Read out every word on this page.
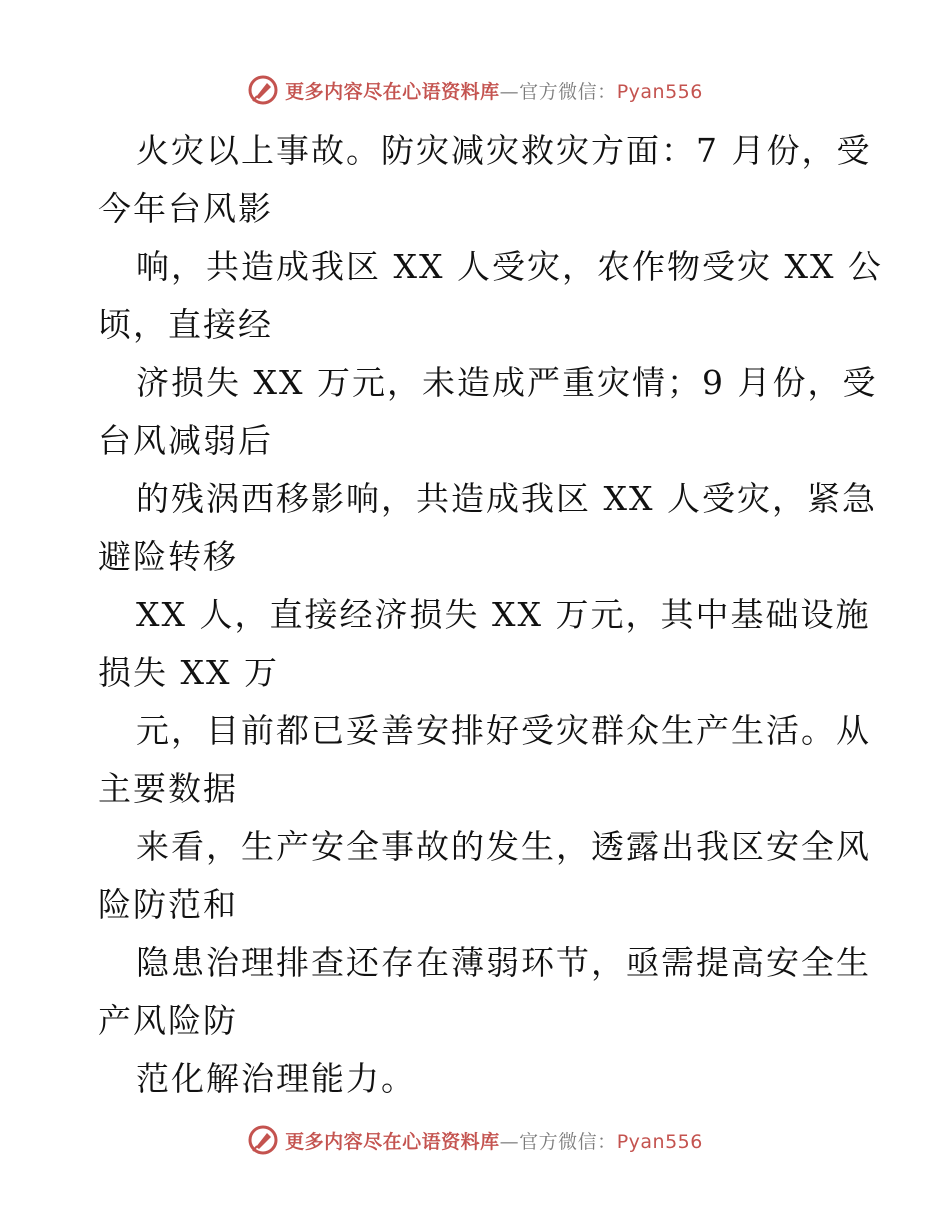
更多内容尽在心语资料库—官方微信：Pyan556
火灾以上事故。防灾减灾救灾方面：7 月份，受
今年台风影
响，共造成我区 XX 人受灾，农作物受灾 XX 公
顷，直接经
济损失 XX 万元，未造成严重灾情；9 月份，受
台风减弱后
的残涡西移影响，共造成我区 XX 人受灾，紧急
避险转移
XX 人，直接经济损失 XX 万元，其中基础设施
损失 XX 万
元，目前都已妥善安排好受灾群众生产生活。从
主要数据
来看，生产安全事故的发生，透露出我区安全风
险防范和
隐患治理排查还存在薄弱环节，亟需提高安全生
产风险防
范化解治理能力。
更多内容尽在心语资料库—官方微信：Pyan556
